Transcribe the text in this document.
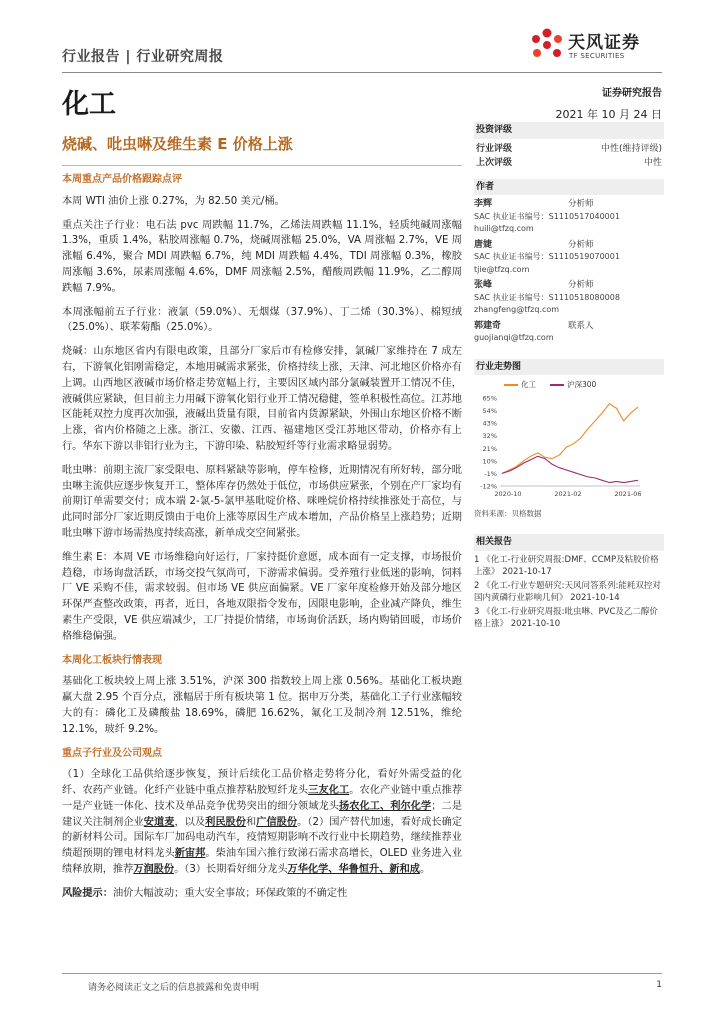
行业报告 | 行业研究周报
天风证券
TF SECURITIES
化工	证券研究报告
2021 年 10 月 24 日
烧碱、吡虫啉及维生素 E 价格上涨
本周重点产品价格跟踪点评
本周 WTI 油价上涨 0.27%，为 82.50 美元/桶。
重点关注子行业：电石法 pvc 周跌幅 11.7%，乙烯法周跌幅 11.1%，轻质纯碱周涨幅 1.3%，重质 1.4%，粘胶周涨幅 0.7%，烧碱周涨幅 25.0%，VA 周涨幅 2.7%，VE 周涨幅 6.4%，聚合 MDI 周跌幅 6.7%，纯 MDI 周跌幅 4.4%，TDI 周涨幅 0.3%，橡胶周涨幅 3.6%，尿素周涨幅 4.6%，DMF 周涨幅 2.5%，醋酸周跌幅 11.9%，乙二醇周跌幅 7.9%。
本周涨幅前五子行业：液氯（59.0%）、无烟煤（37.9%）、丁二烯（30.3%）、棉短绒（25.0%）、联苯菊酯（25.0%）。
烧碱：山东地区省内有限电政策，且部分厂家后市有检修安排，氯碱厂家维持在 7 成左右，下游氧化铝刚需稳定，本地用碱需求紧张，价格持续上涨，天津、河北地区价格亦有上调。山西地区液碱市场价格走势宽幅上行，主要因区域内部分氯碱装置开工情况不佳，液碱供应紧缺，但目前主力用碱下游氧化铝行业开工情况稳健，签单积极性高位。江苏地区能耗双控力度再次加强，液碱出货量有限，目前省内货源紧缺，外围山东地区价格不断上涨，省内价格随之上涨。浙江、安徽、江西、福建地区受江苏地区带动，价格亦有上行。华东下游以非铝行业为主，下游印染、粘胶短纤等行业需求略显弱势。
吡虫啉：前期主流厂家受限电、原料紧缺等影响，停车检修，近期情况有所好转，部分吡虫啉主流供应逐步恢复开工，整体库存仍然处于低位，市场供应紧张，个别在产厂家均有前期订单需要交付；成本端 2-氯-5-氯甲基吡啶价格、咪唑烷价格持续推涨处于高位，与此同时部分厂家近期反馈由于电价上涨等原因生产成本增加，产品价格呈上涨趋势；近期吡虫啉下游市场需热度持续高涨，新单成交空间紧张。
维生素 E：本周 VE 市场维稳向好运行，厂家持挺价意愿，成本面有一定支撑，市场报价趋稳，市场询盘活跃，市场交投气氛尚可，下游需求偏弱。受养殖行业低迷的影响，饲料厂 VE 采购不佳，需求较弱。但市场 VE 供应面偏紧。VE 厂家年度检修开始及部分地区环保严查整改政策，再者，近日，各地双限指令发布，因限电影响，企业减产降负，维生素生产受限，VE 供应端减少，工厂持提价情绪，市场询价活跃，场内购销回暖，市场价格维稳偏强。
本周化工板块行情表现
基础化工板块较上周上涨 3.51%，沪深 300 指数较上周上涨 0.56%。基础化工板块跑赢大盘 2.95 个百分点，涨幅居于所有板块第 1 位。据申万分类，基础化工子行业涨幅较大的有：磷化工及磷酸盐 18.69%，磷肥 16.62%，氟化工及制冷剂 12.51%，维纶 12.1%，玻纤 9.2%。
重点子行业及公司观点
（1）全球化工品供给逐步恢复，预计后续化工品价格走势将分化，看好外需受益的化纤、农药产业链。化纤产业链中重点推荐粘胶短纤龙头三友化工。农化产业链中重点推荐一是产业链一体化、技术及单品竞争优势突出的细分领域龙头扬农化工、利尔化学；二是建议关注制剂企业安道麦，以及利民股份和广信股份。（2）国产替代加速，看好成长确定的新材料公司。国际车厂加码电动汽车，疫情短期影响不改行业中长期趋势，继续推荐业绩超预期的锂电材料龙头新宙邦。柴油车国六推行致涕石需求高增长，OLED 业务进入业绩释放期，推荐万润股份。（3）长期看好细分龙头万华化学、华鲁恒升、新和成。
风险提示：油价大幅波动；重大安全事故；环保政策的不确定性
投资评级
行业评级	中性(维持评级)
上次评级	中性
作者
李辉	分析师
SAC 执业证书编号：S1110517040001
huili@tfzq.com
唐婕	分析师
SAC 执业证书编号：S1110519070001
tjie@tfzq.com
张峰	分析师
SAC 执业证书编号：S1110518080008
zhangfeng@tfzq.com
郭建奇	联系人
guojianqi@tfzq.com
行业走势图
化工	沪深300
65%
54%
43%
32%
21%
10%
-1%
-12%
2020-10	2021-02	2021-06
资料来源：贝格数据
相关报告
1 《化工-行业研究周报:DMF、CCMP及粘胶价格上涨》 2021-10-17
2 《化工-行业专题研究:天风问答系列:能耗双控对国内黄磷行业影响几何》 2021-10-14
3 《化工-行业研究周报:吡虫啉、PVC及乙二醇价格上涨》 2021-10-10
请务必阅读正文之后的信息披露和免责申明	1
